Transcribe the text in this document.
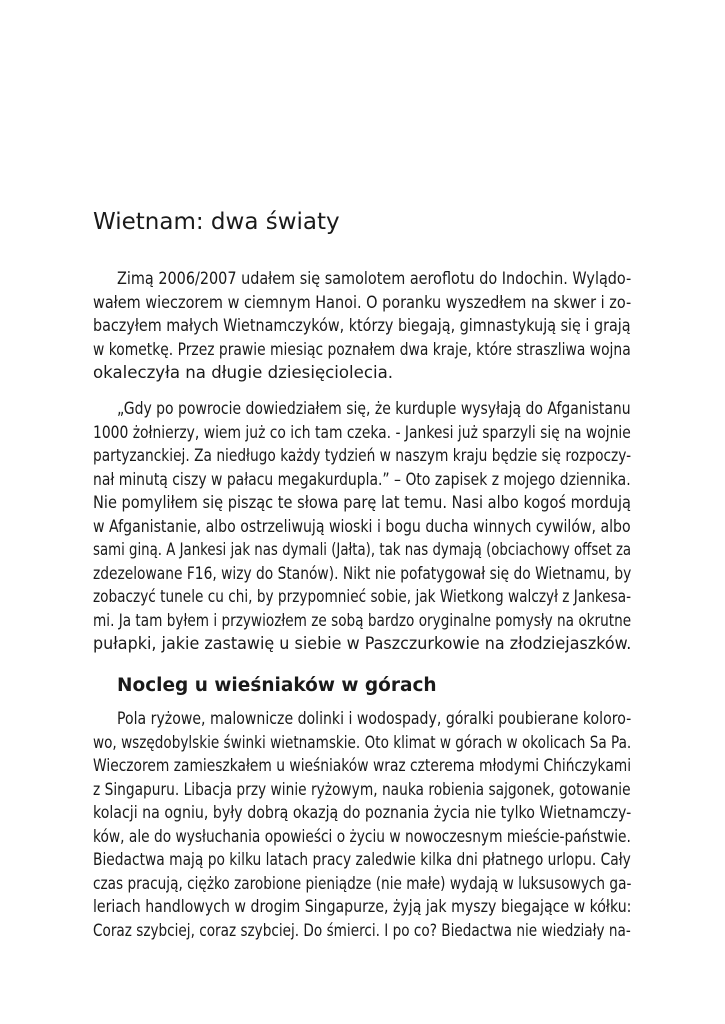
Wietnam: dwa światy
Zimą 2006/2007 udałem się samolotem aeroflotu do Indochin. Wylądo-
wałem wieczorem w ciemnym Hanoi. O poranku wyszedłem na skwer i zo-
baczyłem małych Wietnamczyków, którzy biegają, gimnastykują się i grają
w kometkę. Przez prawie miesiąc poznałem dwa kraje, które straszliwa wojna
okaleczyła na długie dziesięciolecia.
„Gdy po powrocie dowiedziałem się, że kurduple wysyłają do Afganistanu
1000 żołnierzy, wiem już co ich tam czeka. - Jankesi już sparzyli się na wojnie
partyzanckiej. Za niedługo każdy tydzień w naszym kraju będzie się rozpoczy-
nał minutą ciszy w pałacu megakurdupla.” – Oto zapisek z mojego dziennika.
Nie pomyliłem się pisząc te słowa parę lat temu. Nasi albo kogoś mordują
w Afganistanie, albo ostrzeliwują wioski i bogu ducha winnych cywilów, albo
sami giną. A Jankesi jak nas dymali (Jałta), tak nas dymają (obciachowy offset za
zdezelowane F16, wizy do Stanów). Nikt nie pofatygował się do Wietnamu, by
zobaczyć tunele cu chi, by przypomnieć sobie, jak Wietkong walczył z Jankesa-
mi. Ja tam byłem i przywiozłem ze sobą bardzo oryginalne pomysły na okrutne
pułapki, jakie zastawię u siebie w Paszczurkowie na złodziejaszków.
Nocleg u wieśniaków w górach
Pola ryżowe, malownicze dolinki i wodospady, góralki poubierane koloro-
wo, wszędobylskie świnki wietnamskie. Oto klimat w górach w okolicach Sa Pa.
Wieczorem zamieszkałem u wieśniaków wraz czterema młodymi Chińczykami
z Singapuru. Libacja przy winie ryżowym, nauka robienia sajgonek, gotowanie
kolacji na ogniu, były dobrą okazją do poznania życia nie tylko Wietnamczy-
ków, ale do wysłuchania opowieści o życiu w nowoczesnym mieście-państwie.
Biedactwa mają po kilku latach pracy zaledwie kilka dni płatnego urlopu. Cały
czas pracują, ciężko zarobione pieniądze (nie małe) wydają w luksusowych ga-
leriach handlowych w drogim Singapurze, żyją jak myszy biegające w kółku:
Coraz szybciej, coraz szybciej. Do śmierci. I po co? Biedactwa nie wiedziały na-
